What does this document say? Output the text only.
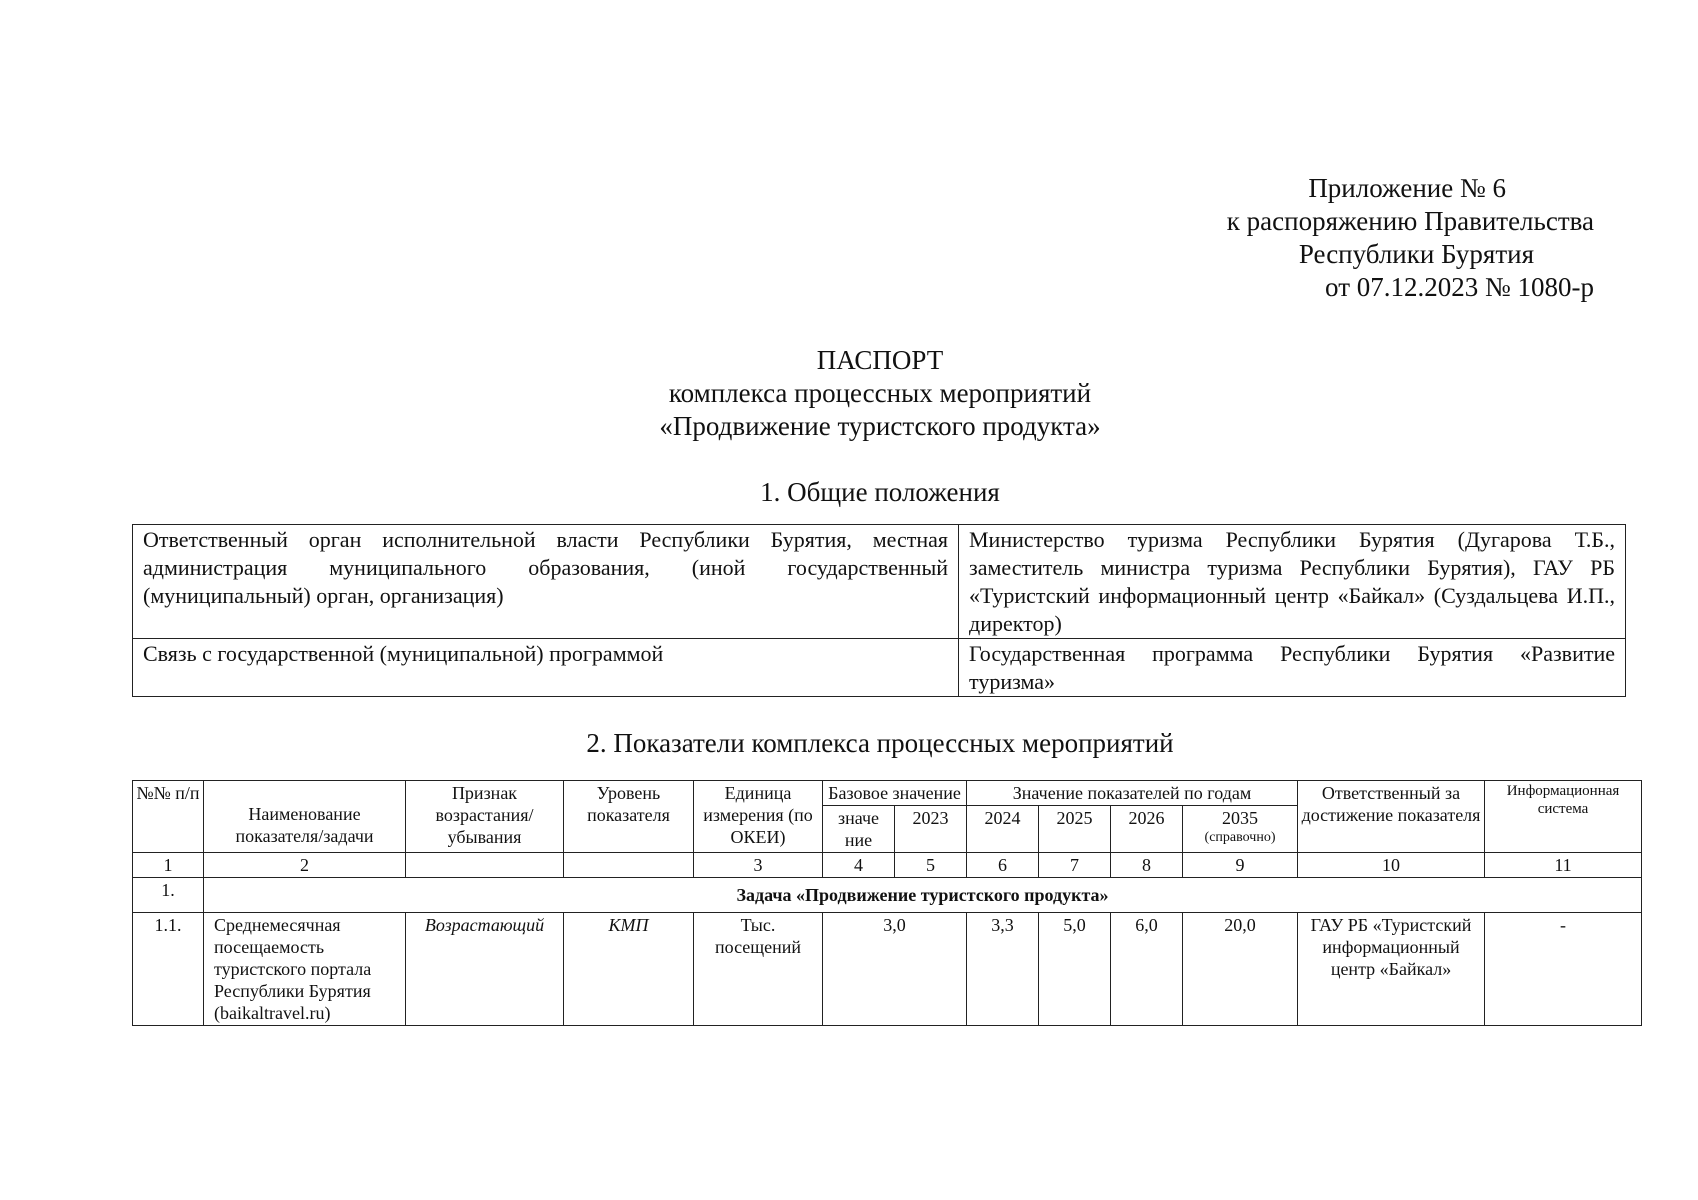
Приложение № 6
к распоряжению Правительства
Республики Бурятия
от 07.12.2023 № 1080-р
ПАСПОРТ
комплекса процессных мероприятий
«Продвижение туристского продукта»
1. Общие положения
Ответственный орган исполнительной власти Республики Бурятия, местная администрация муниципального образования, (иной государственный (муниципальный) орган, организация)	Министерство туризма Республики Бурятия (Дугарова Т.Б., заместитель министра туризма Республики Бурятия), ГАУ РБ «Туристский информационный центр «Байкал» (Суздальцева И.П., директор)
Связь с государственной (муниципальной) программой	Государственная программа Республики Бурятия «Развитие туризма»
2. Показатели комплекса процессных мероприятий
№№ п/п	Наименование показателя/задачи	Признак возрастания/ убывания	Уровень показателя	Единица измерения (по ОКЕИ)	Базовое значение		Значение показателей по годам				Ответственный за достижение показателя	Информационная система
					значе ние	2023	2024	2025	2026	2035
(справочно)		

1	2			3	4	5	6	7	8	9	10	11
1.	Задача «Продвижение туристского продукта»											
1.1.	Среднемесячная посещаемость туристского портала Республики Бурятия (baikaltravel.ru)	Возрастающий	КМП	Тыс. посещений	3,0		3,3	5,0	6,0	20,0	ГАУ РБ «Туристский информационный центр «Байкал»	-
